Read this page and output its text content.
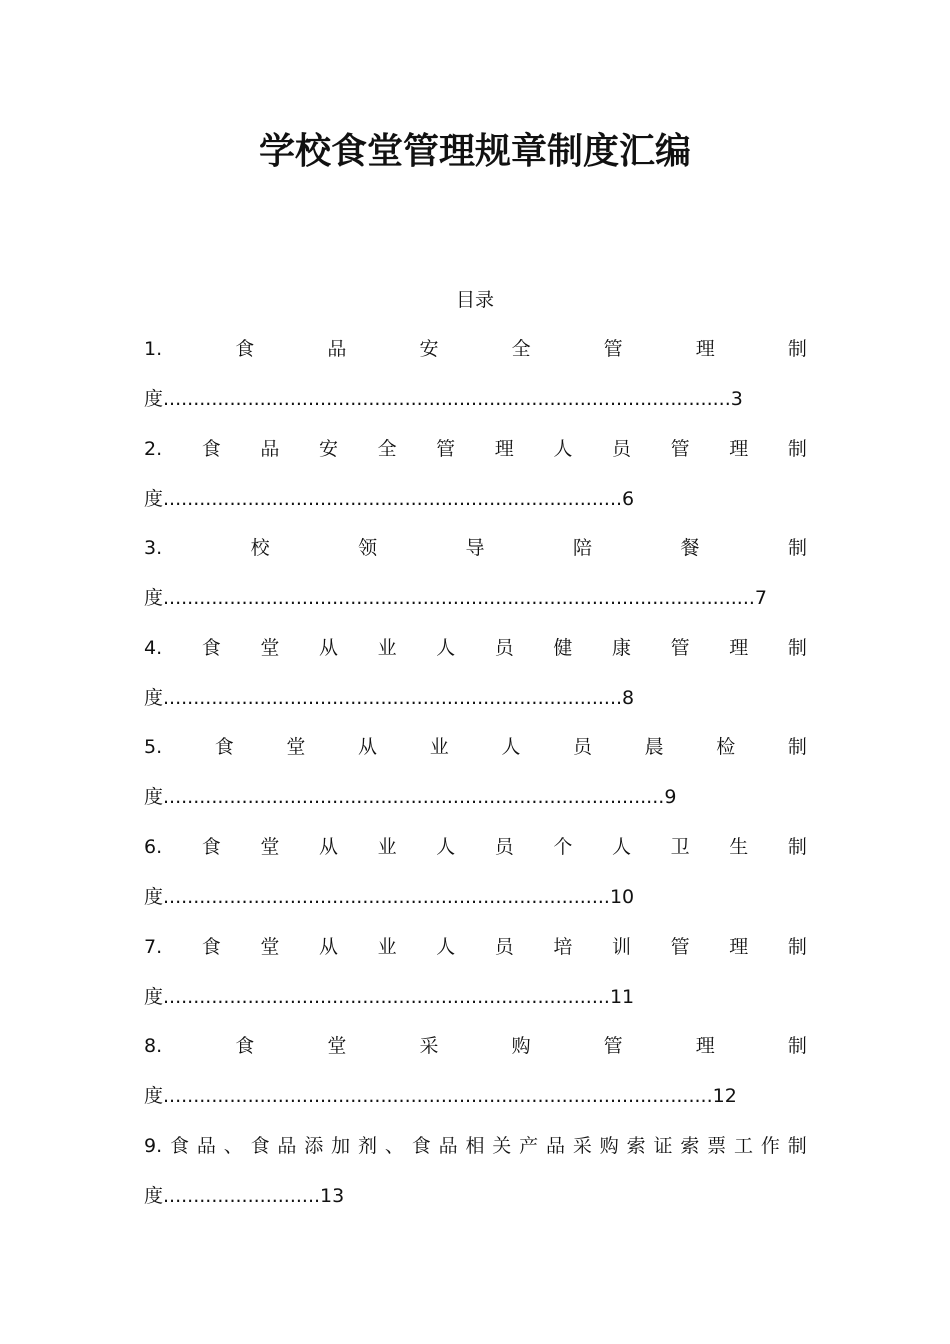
学校食堂管理规章制度汇编
目录
1.	食	品	安	全	管	理	制
度..............................................................................................3
2. 食 品 安 全 管 理 人 员 管 理 制
度............................................................................6
3.	校	领	导	陪	餐	制
度..................................................................................................7
4. 食 堂 从 业 人 员 健 康 管 理 制
度............................................................................8
5.	食	堂	从	业	人	员	晨	检	制
度...................................................................................9
6. 食 堂 从 业 人 员 个 人 卫 生 制
度..........................................................................10
7. 食 堂 从 业 人 员 培 训 管 理 制
度..........................................................................11
8.	食	堂	采	购	管	理	制
度...........................................................................................12
9. 食 品 、 食 品 添 加 剂 、 食 品 相 关 产 品 采 购 索 证 索 票 工 作 制
度..........................13
